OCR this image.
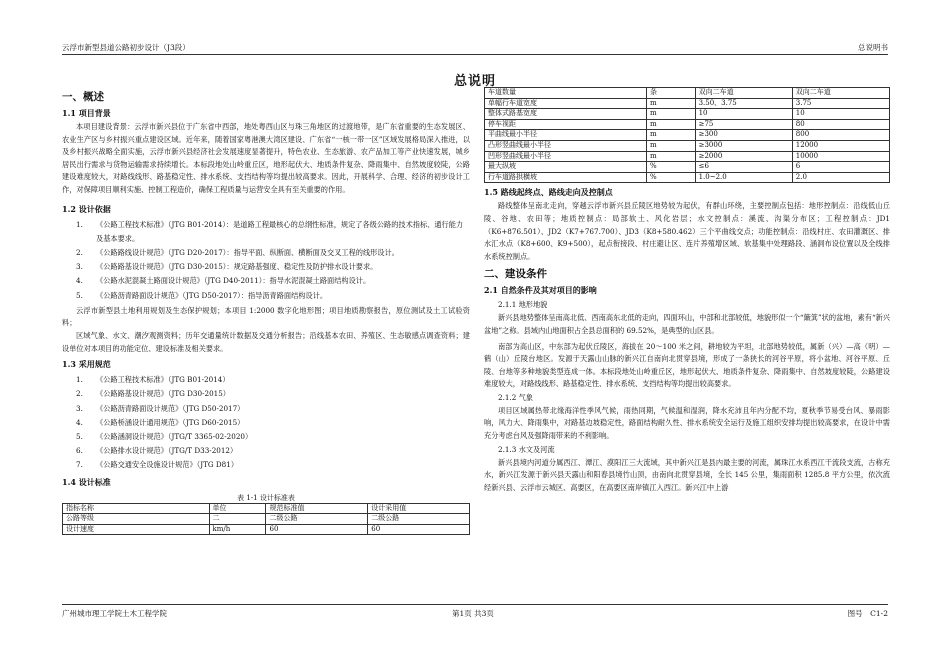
云浮市新型县道公路初步设计（J3段）	总说明书
总说明
一、概述
1.1 项目背景

本项目建设背景：云浮市新兴县位于广东省中西部，地处粤西山区与珠三角地区的过渡地带，是广东省重要的生态发展区、农业生产区与乡村振兴重点建设区域。近年来，随着国家粤港澳大湾区建设、广东省“一核一带一区”区域发展格局深入推进，以及乡村振兴战略全面实施，云浮市新兴县经济社会发展速度显著提升，特色农业、生态旅游、农产品加工等产业快速发展，城乡居民出行需求与货物运输需求持续增长。本标段地处山岭重丘区，地形起伏大、地质条件复杂、降雨集中、自然坡度较陡，公路建设难度较大，对路线线形、路基稳定性、排水系统、支挡结构等均提出较高要求。因此，开展科学、合理、经济的初步设计工作，对保障项目顺利实施、控制工程造价，确保工程质量与运营安全具有至关重要的作用。

1.2 设计依据
1. 《公路工程技术标准》（JTG B01-2014）：是道路工程最核心的总纲性标准，规定了各级公路的技术指标、通行能力及基本要求。
2. 《公路路线设计规范》（JTG D20-2017）：指导平面、纵断面、横断面及交叉工程的线形设计。
3. 《公路路基设计规范》（JTG D30-2015）：规定路基强度、稳定性及防护排水设计要求。
4. 《公路水泥混凝土路面设计规范》（JTG D40-2011）：指导水泥混凝土路面结构设计。
5. 《公路沥青路面设计规范》（JTG D50-2017）：指导沥青路面结构设计。

云浮市新型县土地利用规划及生态保护规划；本项目 1:2000 数字化地形图；项目地质勘察报告，原位测试及土工试验资料；

区域气象、水文、潮汐观测资料；历年交通量统计数据及交通分析报告；沿线基本农田、养殖区、生态敏感点调查资料；建设单位对本项目的功能定位、建设标准及相关要求。

1.3 采用规范
1. 《公路工程技术标准》（JTG B01-2014）
2. 《公路路基设计规范》（JTG D30-2015）
3. 《公路沥青路面设计规范》（JTG D50-2017）
4. 《公路桥涵设计通用规范》（JTG D60-2015）
5. 《公路涵洞设计规范》（JTG/T 3365-02-2020）
6. 《公路排水设计规范》（JTG/T D33-2012）
7. 《公路交通安全设施设计规范》（JTG D81）
1.4 设计标准
表 1-1 设计标准表
指标名称	单位	规范标准值	设计采用值
公路等级	二	二级公路	二级公路
设计速度	km/h	60	60
车道数量	条	双向二车道	双向二车道
单幅行车道宽度	m	3.50、3.75	3.75
整体式路基宽度	m	10	10
停车视距	m	≥75	80
平曲线最小半径	m	≥300	800
凸形竖曲线最小半径	m	≥3000	12000
凹形竖曲线最小半径	m	≥2000	10000
最大纵坡	%	≤6	6
行车道路拱横坡	%	1.0~2.0	2.0
1.5 路线起终点、路线走向及控制点

路线整体呈南北走向，穿越云浮市新兴县丘陵区地势较为起伏，有群山环绕，主要控制点包括：地形控制点：沿线低山丘陵、谷地、农田等；地质控制点：局部软土、风化岩层；水文控制点：溪流、沟渠分布区；工程控制点：JD1（K6+876.501）、JD2（K7+767.700）、JD3（K8+580.462）三个平曲线交点；功能控制点：沿线村庄、农田灌溉区、排水汇水点（K8+600、K9+500），起点衔接段、村庄避让区、连片养殖增区域、软基集中处理路段、涵洞布设位置以及全线排水系统控制点。

二、建设条件
2.1 自然条件及其对项目的影响
2.1.1 地形地貌

新兴县地势整体呈南高北低、西南高东北低的走向，四面环山，中部和北部较低，地貌形似一个“簸箕”状的盆地，素有“新兴盆地”之称。县域内山地面积占全县总面积的 69.52%，是典型的山区县。

南部为高山区，中东部为起伏丘陵区，海拔在 20～100 米之间，耕地较为平坦，北部地势较低，属新（兴）—高（明）—鹤（山）丘陵台地区。发源于天露山山脉的新兴江自南向北贯穿县境，形成了一条狭长的河谷平原，将小盆地、河谷平原、丘陵、台地等多种地貌类型连成一体。本标段地处山岭重丘区，地形起伏大、地质条件复杂、降雨集中、自然坡度较陡，公路建设难度较大，对路线线形、路基稳定性、排水系统、支挡结构等均提出较高要求。

2.1.2 气象

项目区域属热带北缘海洋性季风气候，雨热同期，气候温和湿润，降水充沛且年内分配不均，夏秋季节易受台风、暴雨影响，风力大、降雨集中，对路基边坡稳定性，路面结构耐久性、排水系统安全运行及施工组织安排均提出较高要求，在设计中需充分考虑台风及强降雨带来的不利影响。

2.1.3 水文及河流

新兴县境内河道分属西江、潭江、漠阳江三大流域，其中新兴江是县内最主要的河流，属珠江水系西江干流段支流，古称充水，新兴江发源于新兴县天露山和阳春县境竹山顶，由南向北贯穿县境，全长 145 公里，集雨面积 1285.8 平方公里，依次流经新兴县、云浮市云城区、高要区，在高要区南岸镇江入西江。新兴江中上游

广州城市理工学院土木工程学院	第1页 共3页	图号　C1-2
